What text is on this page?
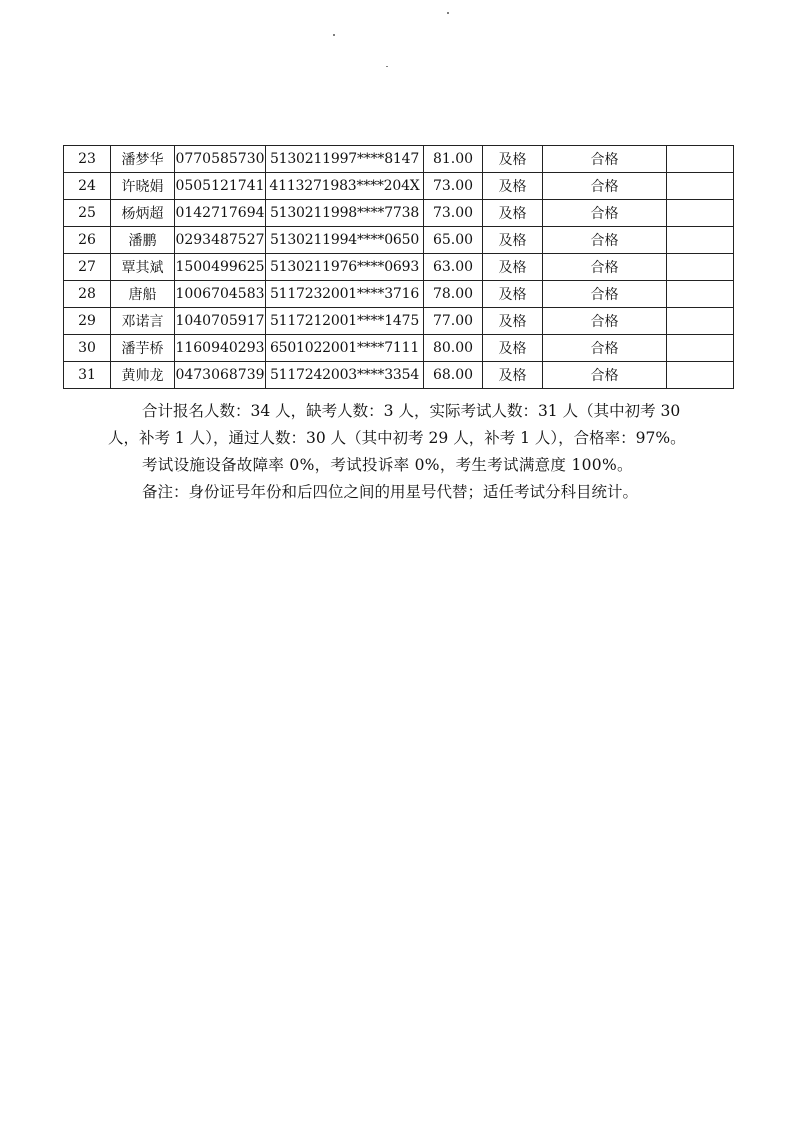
23	潘梦华	0770585730	5130211997****8147	81.00	及格	合格	
24	许晓娟	0505121741	4113271983****204X	73.00	及格	合格	
25	杨炳超	0142717694	5130211998****7738	73.00	及格	合格	
26	潘鹏	0293487527	5130211994****0650	65.00	及格	合格	
27	覃其斌	1500499625	5130211976****0693	63.00	及格	合格	
28	唐船	1006704583	5117232001****3716	78.00	及格	合格	
29	邓诺言	1040705917	5117212001****1475	77.00	及格	合格	
30	潘芋桥	1160940293	6501022001****7111	80.00	及格	合格	
31	黄帅龙	0473068739	5117242003****3354	68.00	及格	合格	

合计报名人数：34 人，缺考人数：3 人，实际考试人数：31 人（其中初考 30 人，补考 1 人），通过人数：30 人（其中初考 29 人，补考 1 人），合格率：97%。

考试设施设备故障率 0%，考试投诉率 0%，考生考试满意度 100%。

备注：身份证号年份和后四位之间的用星号代替；适任考试分科目统计。
